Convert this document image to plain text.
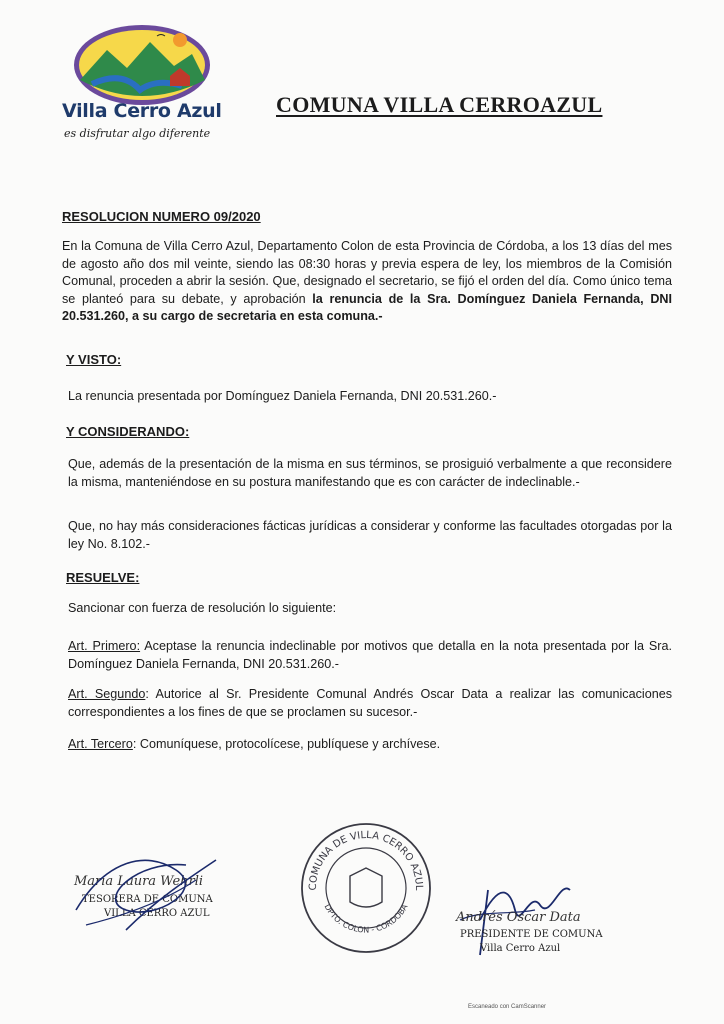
Villa Cerro Azul
es disfrutar algo diferente
COMUNA VILLA CERROAZUL
RESOLUCION NUMERO 09/2020
En la Comuna de Villa Cerro Azul, Departamento Colon de esta Provincia de Córdoba, a los 13 días del mes de agosto año dos mil veinte, siendo las 08:30 horas y previa espera de ley, los miembros de la Comisión Comunal, proceden a abrir la sesión. Que, designado el secretario, se fijó el orden del día. Como único tema se planteó para su debate, y aprobación la renuncia de la Sra. Domínguez Daniela Fernanda, DNI 20.531.260, a su cargo de secretaria en esta comuna.-
Y VISTO:
La renuncia presentada por Domínguez Daniela Fernanda, DNI 20.531.260.-
Y CONSIDERANDO:
Que, además de la presentación de la misma en sus términos, se prosiguió verbalmente a que reconsidere la misma, manteniéndose en su postura manifestando que es con carácter de indeclinable.-
Que, no hay más consideraciones fácticas jurídicas a considerar y conforme las facultades otorgadas por la ley No. 8.102.-
RESUELVE:
Sancionar con fuerza de resolución lo siguiente:
Art. Primero: Aceptase la renuncia indeclinable por motivos que detalla en la nota presentada por la Sra. Domínguez Daniela Fernanda, DNI 20.531.260.-
Art. Segundo: Autorice al Sr. Presidente Comunal Andrés Oscar Data a realizar las comunicaciones correspondientes a los fines de que se proclamen su sucesor.-
Art. Tercero: Comuníquese, protocolícese, publíquese y archívese.
Maria Laura Wehrli
TESORERA DE COMUNA
VILLA CERRO AZUL
COMUNA DE VILLA CERRO AZUL
DPTO. COLON - CORDOBA
Andrés Oscar Data
PRESIDENTE DE COMUNA
Villa Cerro Azul
Escaneado con CamScanner
